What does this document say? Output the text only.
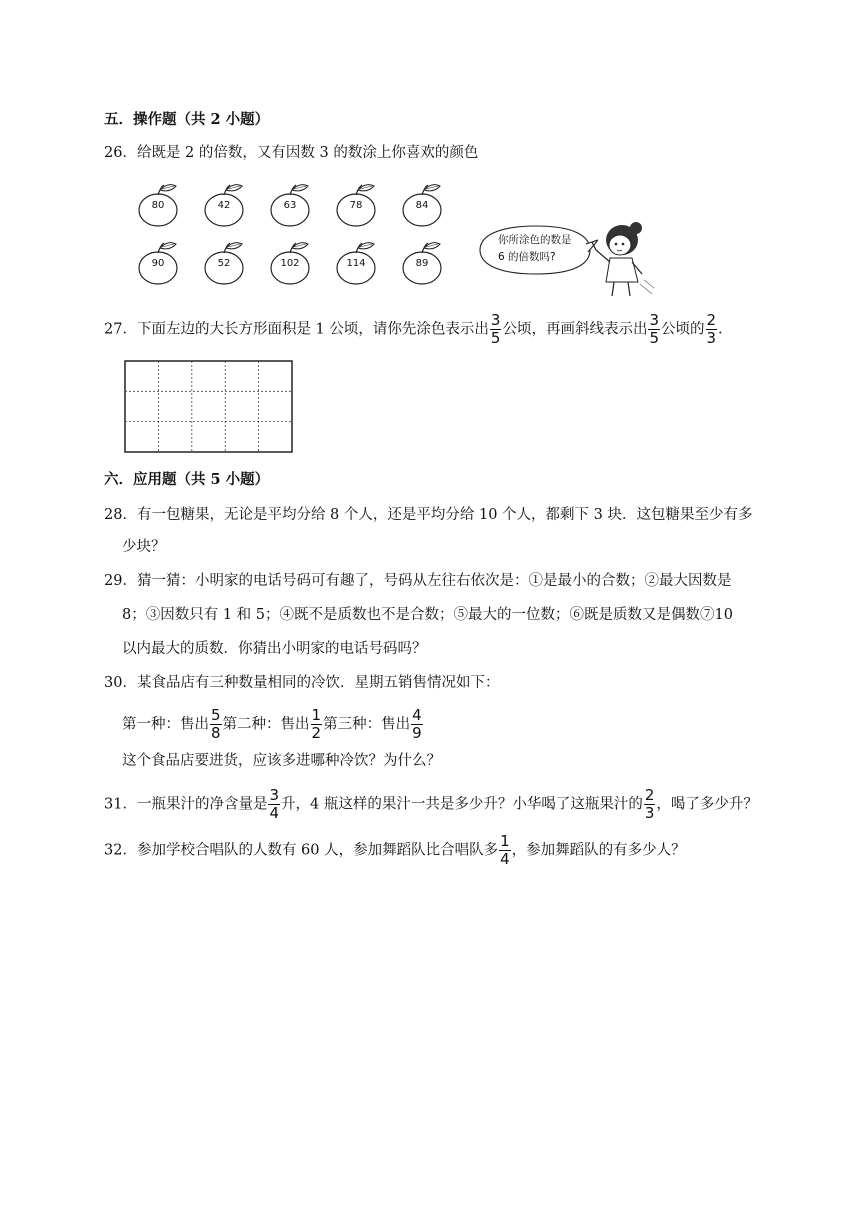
五．操作题（共 2 小题）
26．给既是 2 的倍数，又有因数 3 的数涂上你喜欢的颜色
80	42	63	78	84
90	52	102	114	89
你所涂色的数是
6 的倍数吗?
27．下面左边的大长方形面积是 1 公顷，请你先涂色表示出 $\frac{3}{5}$ 公顷，再画斜线表示出 $\frac{3}{5}$ 公顷的 $\frac{2}{3}$ .
六．应用题（共 5 小题）
28．有一包糖果，无论是平均分给 8 个人，还是平均分给 10 个人，都剩下 3 块．这包糖果至少有多
少块？
29．猜一猜：小明家的电话号码可有趣了，号码从左往右依次是：①是最小的合数；②最大因数是
8；③因数只有 1 和 5；④既不是质数也不是合数；⑤最大的一位数；⑥既是质数又是偶数⑦10
以内最大的质数．你猜出小明家的电话号码吗？
30．某食品店有三种数量相同的冷饮．星期五销售情况如下：
第一种：售出 $\frac{5}{8}$ 第二种：售出 $\frac{1}{2}$ 第三种：售出 $\frac{4}{9}$
这个食品店要进货，应该多进哪种冷饮？为什么？
31．一瓶果汁的净含量是 $\frac{3}{4}$ 升，4 瓶这样的果汁一共是多少升？小华喝了这瓶果汁的 $\frac{2}{3}$ ，喝了多少升？
32．参加学校合唱队的人数有 60 人，参加舞蹈队比合唱队多 $\frac{1}{4}$ ，参加舞蹈队的有多少人？
